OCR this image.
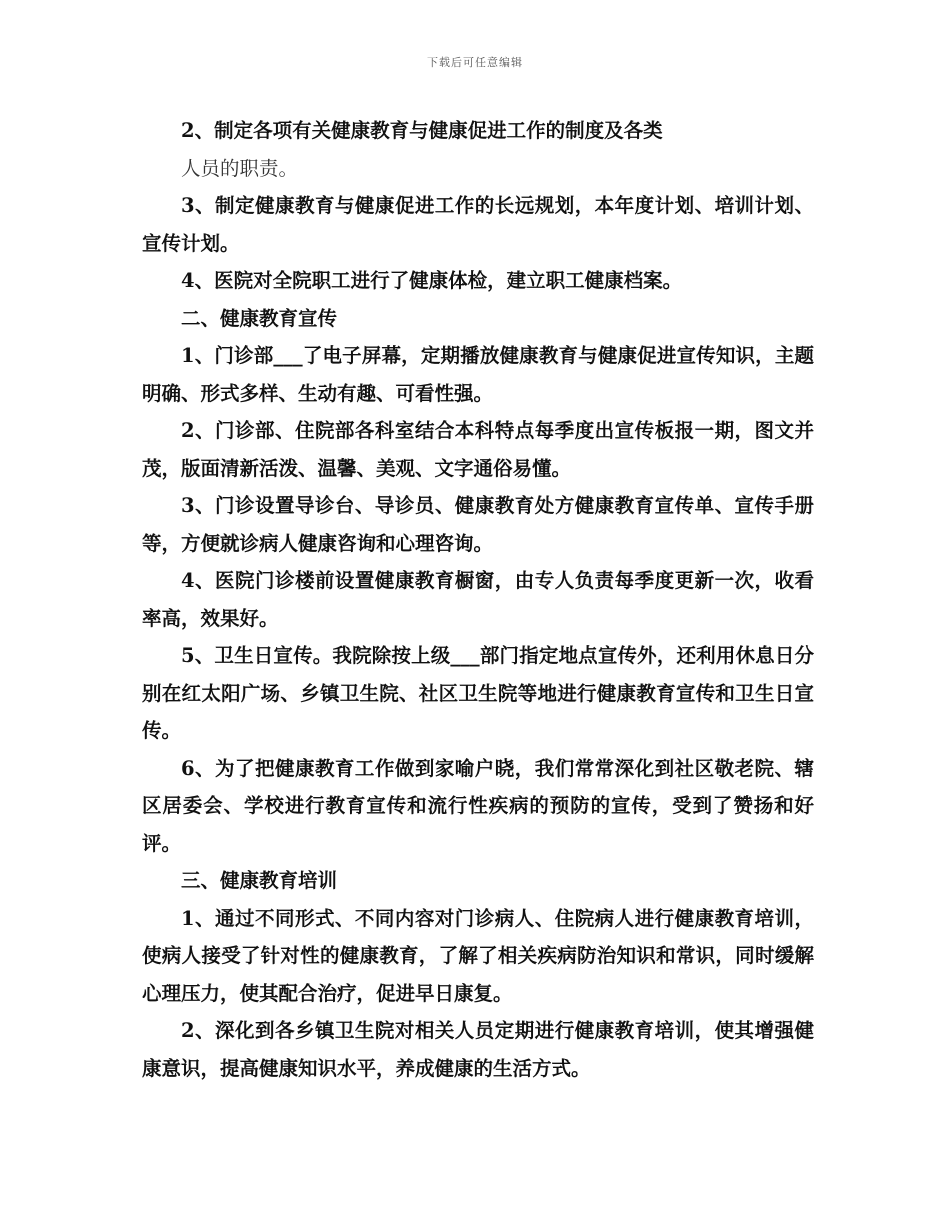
下载后可任意编辑

2、制定各项有关健康教育与健康促进工作的制度及各类

人员的职责。

3、制定健康教育与健康促进工作的长远规划，本年度计划、培训计划、宣传计划。

4、医院对全院职工进行了健康体检，建立职工健康档案。

二、健康教育宣传

1、门诊部___了电子屏幕，定期播放健康教育与健康促进宣传知识，主题明确、形式多样、生动有趣、可看性强。

2、门诊部、住院部各科室结合本科特点每季度出宣传板报一期，图文并茂，版面清新活泼、温馨、美观、文字通俗易懂。

3、门诊设置导诊台、导诊员、健康教育处方健康教育宣传单、宣传手册等，方便就诊病人健康咨询和心理咨询。

4、医院门诊楼前设置健康教育橱窗，由专人负责每季度更新一次，收看率高，效果好。

5、卫生日宣传。我院除按上级___部门指定地点宣传外，还利用休息日分别在红太阳广场、乡镇卫生院、社区卫生院等地进行健康教育宣传和卫生日宣传。

6、为了把健康教育工作做到家喻户晓，我们常常深化到社区敬老院、辖区居委会、学校进行教育宣传和流行性疾病的预防的宣传，受到了赞扬和好评。

三、健康教育培训

1、通过不同形式、不同内容对门诊病人、住院病人进行健康教育培训，使病人接受了针对性的健康教育，了解了相关疾病防治知识和常识，同时缓解心理压力，使其配合治疗，促进早日康复。

2、深化到各乡镇卫生院对相关人员定期进行健康教育培训，使其增强健康意识，提高健康知识水平，养成健康的生活方式。
